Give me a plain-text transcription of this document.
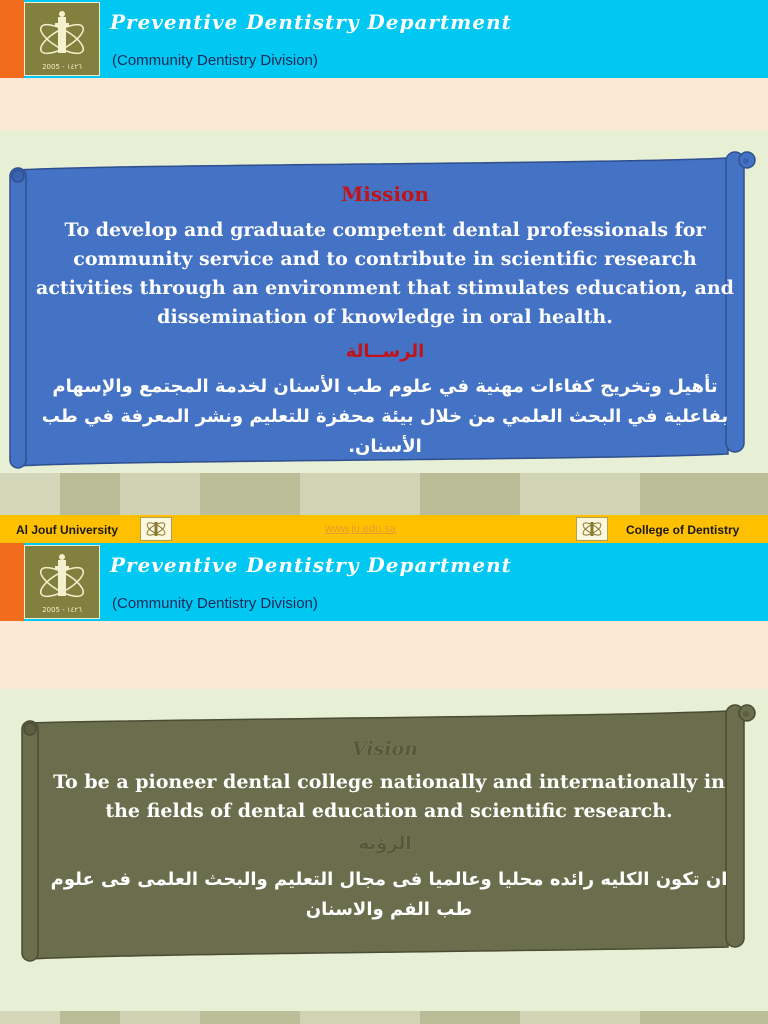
2005 - ١٤٢٦
Preventive Dentistry Department
(Community Dentistry Division)
Mission
To develop and graduate competent dental professionals for community service and to contribute in scientific research activities through an environment that stimulates education, and dissemination of knowledge in oral health.
الرســالة
تأهيل وتخريج كفاءات مهنية في علوم طب الأسنان لخدمة المجتمع والإسهام بفاعلية في البحث العلمي من خلال بيئة محفزة للتعليم ونشر المعرفة في طب الأسنان.
Al Jouf University	www.ju.edu.sa	College of Dentistry
2005 - ١٤٢٦
Preventive Dentistry Department
(Community Dentistry Division)
Vision
To be a pioneer dental college nationally and internationally in the fields of dental education and scientific research.
الرؤية
ان تكون الكليه رائده محليا وعالميا فى مجال التعليم والبحث العلمى فى علوم طب الفم والاسنان
